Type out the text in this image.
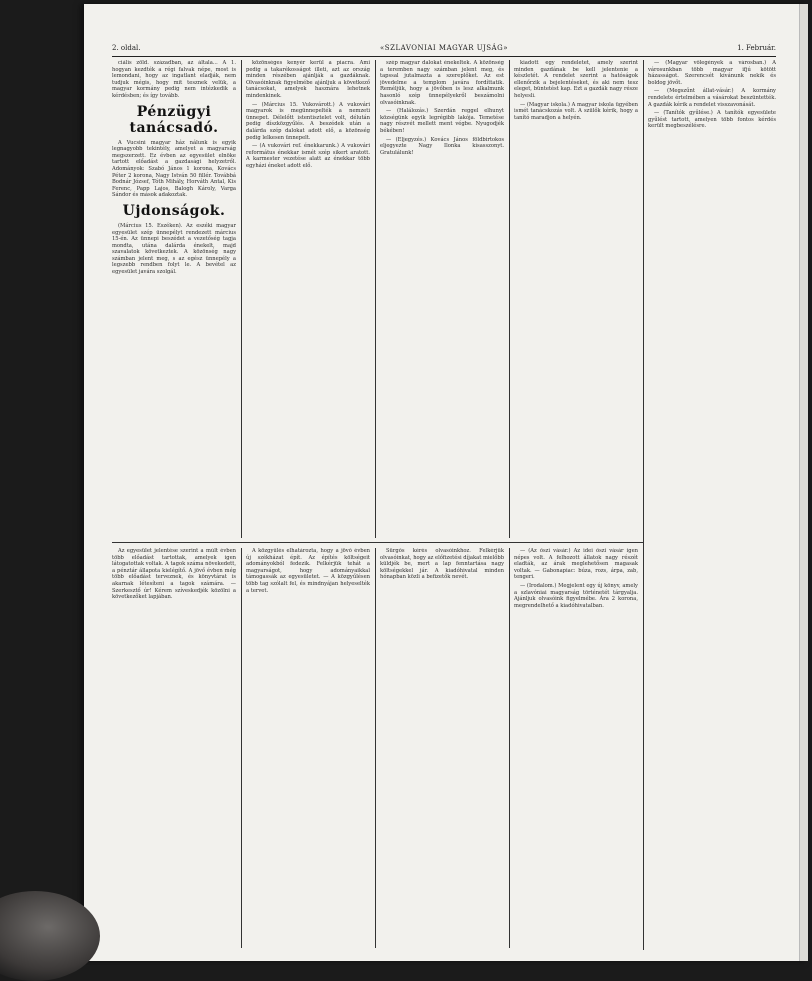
2. oldal.	«SZLAVONIAI MAGYAR UJSÁG»	1. Február.

ciális zöld. században, az általa... A 1. hogyan kezdték a régi falvak népe, most is lemondani, hogy az ingatlant eladják, nem tudjuk mégis, hogy mit tesznek velük, a magyar kormány pedig nem intézkedik a kérdésben; és így tovább.

Pénzügyi tanácsadó.

A Vucsini magyar ház nálunk is egyik legnagyobb tekintély, amelyet a magyarság megszerzett. Ez évben az egyesület elnöke tartott előadást a gazdasági helyzetről. Adományok: Szabó János 1 korona, Kovács Péter 2 korona, Nagy István 50 fillér. Továbbá Bodnár József, Tóth Mihály, Horváth Antal, Kis Ferenc, Papp Lajos, Balogh Károly, Varga Sándor és mások adakoztak.

Ujdonságok.

(Március 15. Eszéken). Az eszéki magyar egyesület szép ünnepélyt rendezett március 15-én. Az ünnepi beszédet a vezetőség tagja mondta, utána dalárda énekelt, majd szavalatok következtek. A közönség nagy számban jelent meg, s az egész ünnepély a legszebb rendben folyt le. A bevétel az egyesület javára szolgál.

közönséges kenyér kerül a piacra. Ami pedig a takarékosságot illeti, azt az ország minden részében ajánlják a gazdáknak. Olvasóinknak figyelmébe ajánljuk a következő tanácsokat, amelyek hasznára lehetnek mindenkinek.

— (Március 15. Vukovárott.) A vukovári magyarok is megünnepelték a nemzeti ünnepet. Délelőtt istentisztelet volt, délután pedig díszközgyűlés. A beszédek után a dalárda szép dalokat adott elő, a közönség pedig lelkesen ünnepelt.

— (A vukovári ref. énekkarunk.) A vukovári református énekkar ismét szép sikert aratott. A karmester vezetése alatt az énekkar több egyházi éneket adott elő.

szép magyar dalokat énekeltek. A közönség a teremben nagy számban jelent meg, és tapssal jutalmazta a szereplőket. Az est jövedelme a templom javára fordíttatik. Reméljük, hogy a jövőben is lesz alkalmunk hasonló szép ünnepélyekről beszámolni olvasóinknak.

— (Halálozás.) Szerdán reggel elhunyt községünk egyik legrégibb lakója. Temetése nagy részvét mellett ment végbe. Nyugodjék békében!

— (Eljegyzés.) Kovács János földbirtokos eljegyezte Nagy Ilonka kisasszonyt. Gratulálunk!

kiadott egy rendeletet, amely szerint minden gazdának be kell jelentenie a készletét. A rendelet szerint a hatóságok ellenőrzik a bejelentéseket, és aki nem tesz eleget, büntetést kap. Ezt a gazdák nagy része helyesli.

— (Magyar iskola.) A magyar iskola ügyében ismét tanácskozás volt. A szülők kérik, hogy a tanító maradjon a helyén.

— (Magyar vőlegények a városban.) A városunkban több magyar ifjú kötött házasságot. Szerencsét kívánunk nekik és boldog jövőt.

— (Megszűnt állat-vásár.) A kormány rendelete értelmében a vásárokat beszüntették. A gazdák kérik a rendelet visszavonását.

— (Tanítók gyűlése.) A tanítók egyesülete gyűlést tartott, amelyen több fontos kérdés került megbeszélésre.

Az egyesület jelentése szerint a múlt évben több előadást tartottak, amelyek igen látogatottak voltak. A tagok száma növekedett, a pénztár állapota kielégítő. A jövő évben még több előadást terveznek, és könyvtárat is akarnak létesíteni a tagok számára. — Szerkesztő úr! Kérem szíveskedjék közölni a következőket lapjában.

A közgyűlés elhatározta, hogy a jövő évben új székházat épít. Az építés költségeit adományokból fedezik. Felkérjük tehát a magyarságot, hogy adományaikkal támogassák az egyesületet. — A közgyűlésen több tag szólalt fel, és mindnyájan helyeselték a tervet.

Sürgős kérés olvasóinkhoz. Felkérjük olvasóinkat, hogy az előfizetési díjakat mielőbb küldjék be, mert a lap fenntartása nagy költségekkel jár. A kiadóhivatal minden hónapban közli a befizetők nevét.

— (Az őszi vásár.) Az idei őszi vásár igen népes volt. A felhozott állatok nagy részét eladták, az árak meglehetősen magasak voltak. — Gabonapiac: búza, rozs, árpa, zab, tengeri.

— (Irodalom.) Megjelent egy új könyv, amely a szlavóniai magyarság történetét tárgyalja. Ajánljuk olvasóink figyelmébe. Ára 2 korona, megrendelhető a kiadóhivatalban.
